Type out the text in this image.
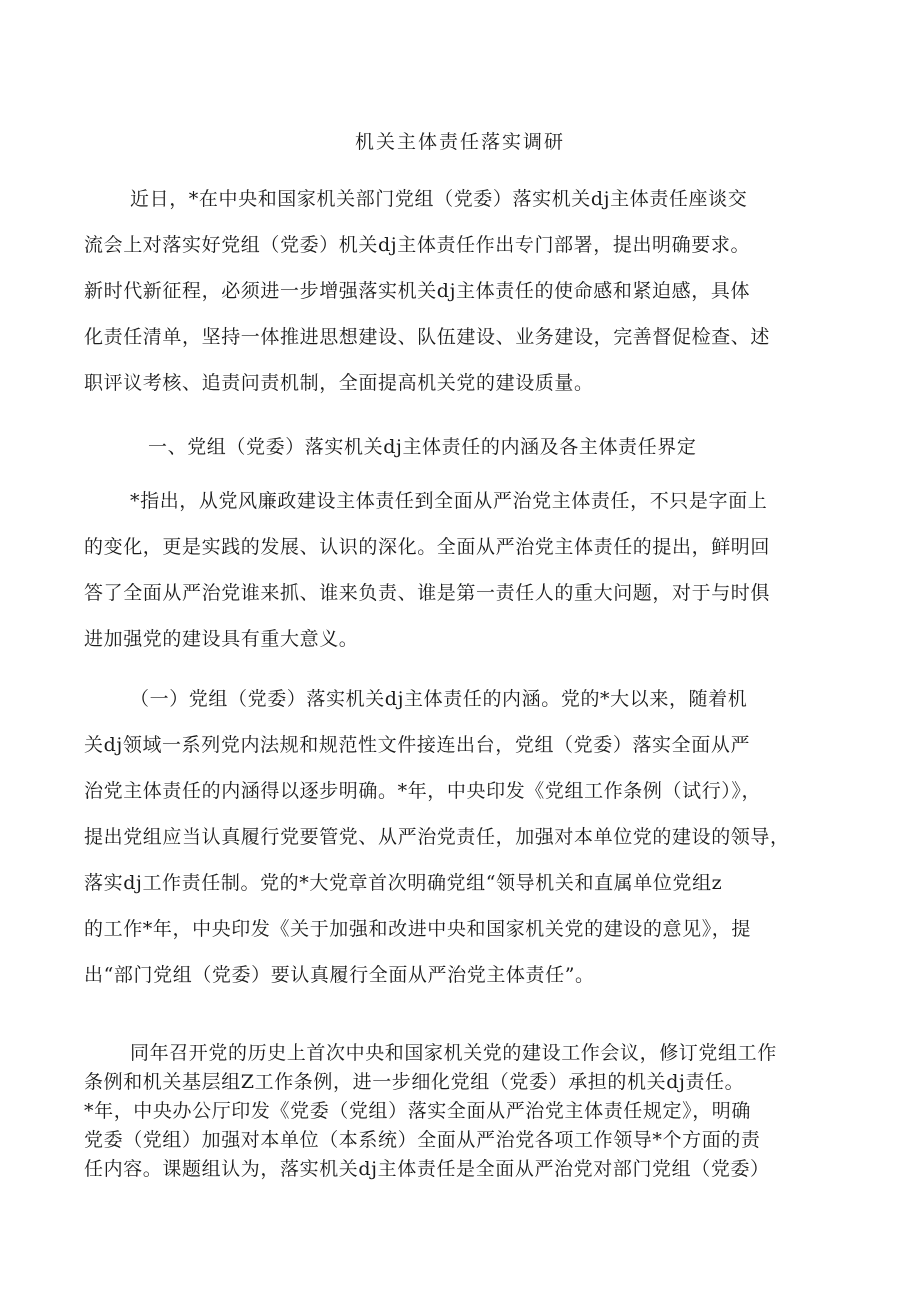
机关主体责任落实调研
近日，*在中央和国家机关部门党组（党委）落实机关dj主体责任座谈交
流会上对落实好党组（党委）机关dj主体责任作出专门部署，提出明确要求。
新时代新征程，必须进一步增强落实机关dj主体责任的使命感和紧迫感，具体
化责任清单，坚持一体推进思想建设、队伍建设、业务建设，完善督促检查、述
职评议考核、追责问责机制，全面提高机关党的建设质量。
一、党组（党委）落实机关dj主体责任的内涵及各主体责任界定
*指出，从党风廉政建设主体责任到全面从严治党主体责任，不只是字面上
的变化，更是实践的发展、认识的深化。全面从严治党主体责任的提出，鲜明回
答了全面从严治党谁来抓、谁来负责、谁是第一责任人的重大问题，对于与时俱
进加强党的建设具有重大意义。
（一）党组（党委）落实机关dj主体责任的内涵。党的*大以来，随着机
关dj领域一系列党内法规和规范性文件接连出台，党组（党委）落实全面从严
治党主体责任的内涵得以逐步明确。*年，中央印发《党组工作条例（试行）》，
提出党组应当认真履行党要管党、从严治党责任，加强对本单位党的建设的领导，
落实dj工作责任制。党的*大党章首次明确党组“领导机关和直属单位党组z
的工作*年，中央印发《关于加强和改进中央和国家机关党的建设的意见》，提
出“部门党组（党委）要认真履行全面从严治党主体责任”。
同年召开党的历史上首次中央和国家机关党的建设工作会议，修订党组工作
条例和机关基层组Z工作条例，进一步细化党组（党委）承担的机关dj责任。
*年，中央办公厅印发《党委（党组）落实全面从严治党主体责任规定》，明确
党委（党组）加强对本单位（本系统）全面从严治党各项工作领导*个方面的责
任内容。课题组认为，落实机关dj主体责任是全面从严治党对部门党组（党委）
